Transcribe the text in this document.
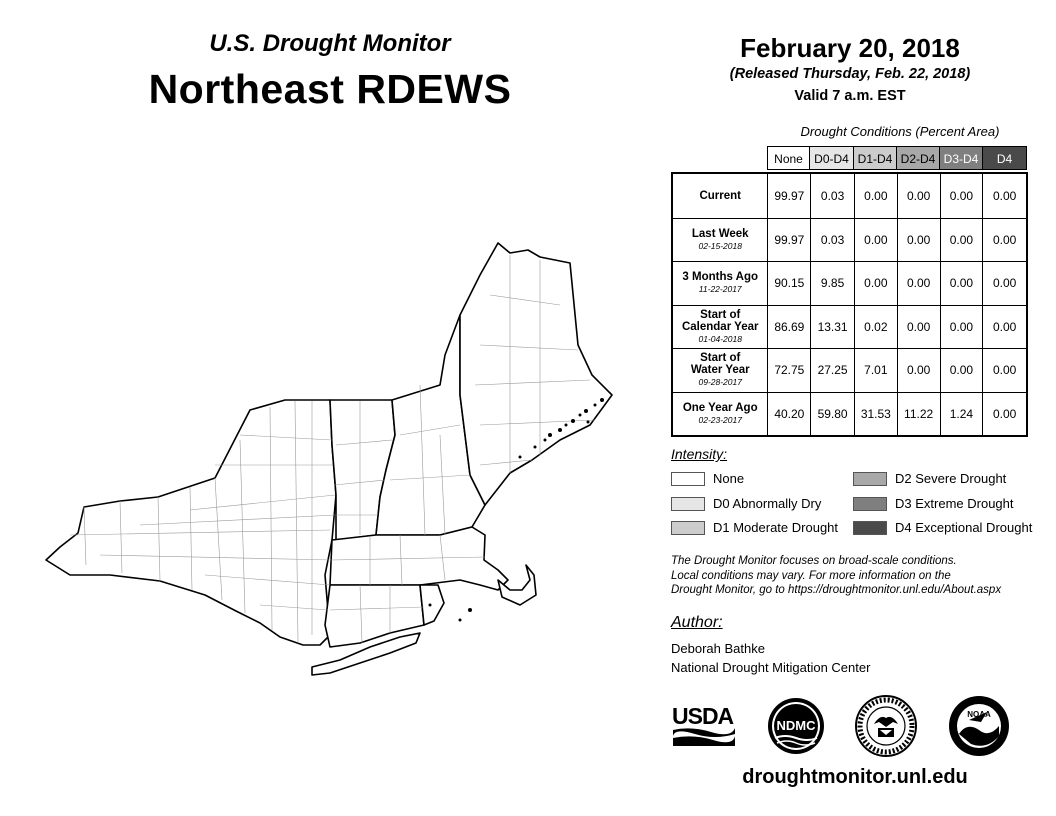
U.S. Drought Monitor
Northeast RDEWS
February 20, 2018
(Released Thursday, Feb. 22, 2018)
Valid 7 a.m. EST
Drought Conditions (Percent Area)
None D0-D4 D1-D4 D2-D4 D3-D4	D4
Current	99.97	0.03	0.00	0.00	0.00	0.00
Last Week
02-15-2018	99.97	0.03	0.00	0.00	0.00	0.00
3 Months Ago
11-22-2017	90.15	9.85	0.00	0.00	0.00	0.00
Start of
Calendar Year
01-04-2018
86.69	13.31	0.02	0.00	0.00	0.00
Start of
Water Year
09-28-2017
72.75	27.25	7.01	0.00	0.00	0.00
One Year Ago
02-23-2017	40.20	59.80	31.53	11.22	1.24	0.00
Intensity:
None
D0 Abnormally Dry
D1 Moderate Drought
D2 Severe Drought
D3 Extreme Drought
D4 Exceptional Drought
The Drought Monitor focuses on broad-scale conditions.
Local conditions may vary. For more information on the
Drought Monitor, go to https://droughtmonitor.unl.edu/About.aspx
Author:
Deborah Bathke
National Drought Mitigation Center
USDA	NDMC
NOAA
droughtmonitor.unl.edu
